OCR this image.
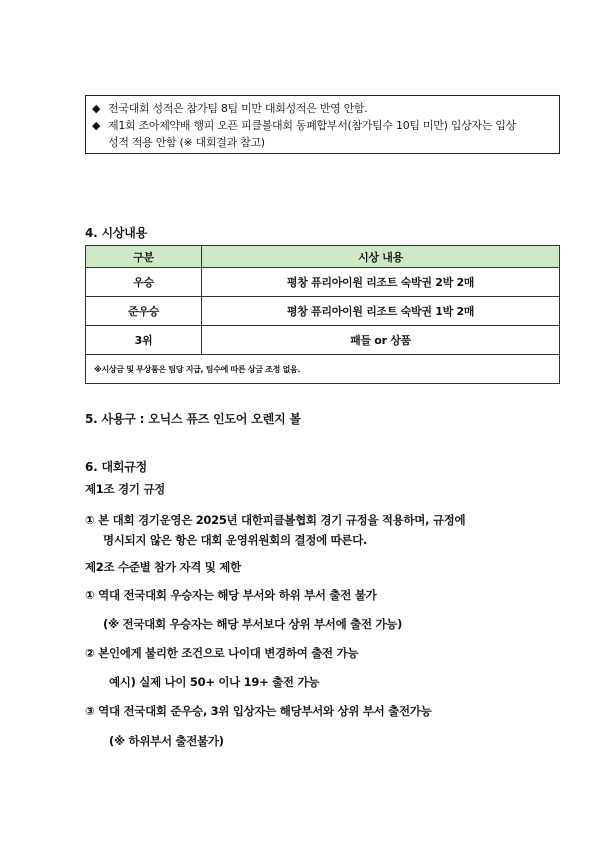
◆ 전국대회 성적은 참가팀 8팀 미만 대회성적은 반영 안함.
◆ 제1회 조아제약배 행피 오픈 피클볼대회 동폐합부서(참가팀수 10팀 미만) 입상자는 입상
성적 적용 안함 (※ 대회결과 참고)
4. 시상내용
구분	시상 내용
우승	평창 퓨리아이원 리조트 숙박권 2박 2매
준우승	평창 퓨리아이원 리조트 숙박권 1박 2매
3위	패들 or 상품
※시상금 및 부상품은 팀당 지급, 팀수에 따른 상금 조정 없음.	
5. 사용구 : 오닉스 퓨즈 인도어 오렌지 볼
6. 대회규정
제1조 경기 규정
① 본 대회 경기운영은 2025년 대한피클볼협회 경기 규정을 적용하며, 규정에
명시되지 않은 항은 대회 운영위원회의 결정에 따른다.
제2조 수준별 참가 자격 및 제한
① 역대 전국대회 우승자는 해당 부서와 하위 부서 출전 불가
(※ 전국대회 우승자는 해당 부서보다 상위 부서에 출전 가능)
② 본인에게 불리한 조건으로 나이대 변경하여 출전 가능
예시) 실제 나이 50+ 이나 19+ 출전 가능
③ 역대 전국대회 준우승, 3위 입상자는 해당부서와 상위 부서 출전가능
(※ 하위부서 출전불가)
